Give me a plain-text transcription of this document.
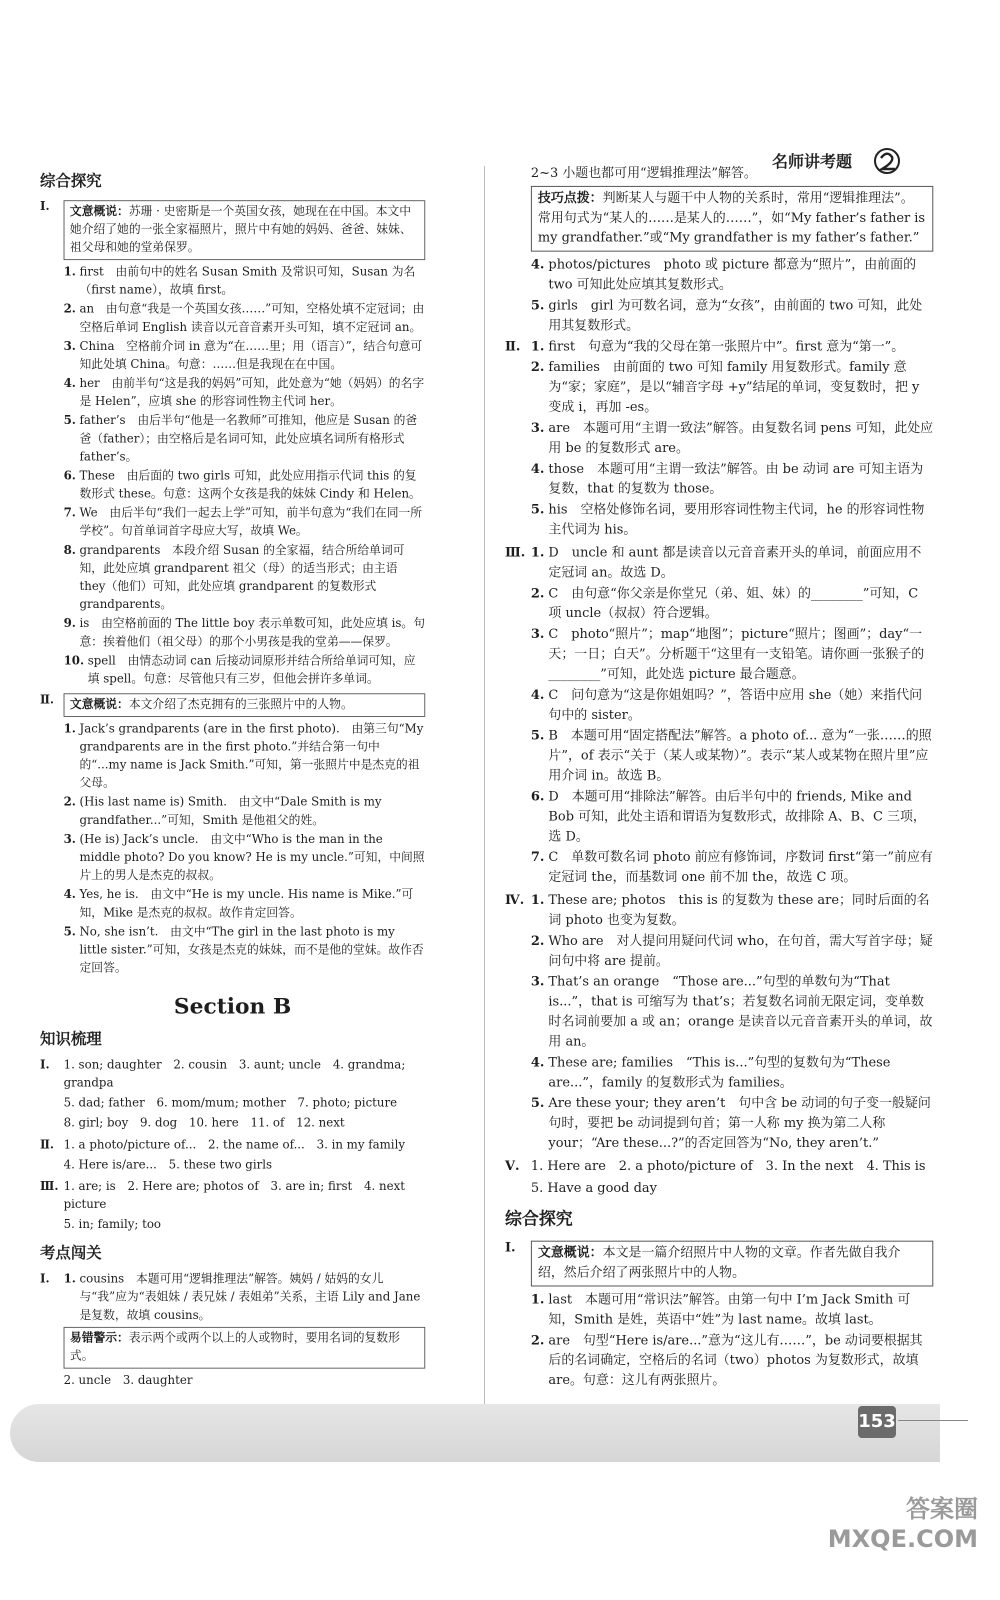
名师讲考题
综合探究
Ⅰ.	文意概说：苏珊 · 史密斯是一个英国女孩，她现在在中国。本文中她介绍了她的一张全家福照片，照片中有她的妈妈、爸爸、妹妹、祖父母和她的堂弟保罗。
1. first　由前句中的姓名 Susan Smith 及常识可知，Susan 为名（first name），故填 first。
2. an　由句意“我是一个英国女孩……”可知，空格处填不定冠词；由空格后单词 English 读音以元音音素开头可知，填不定冠词 an。
3. China　空格前介词 in 意为“在……里；用（语言）”，结合句意可知此处填 China。句意：……但是我现在在中国。
4. her　由前半句“这是我的妈妈”可知，此处意为“她（妈妈）的名字是 Helen”，应填 she 的形容词性物主代词 her。
5. father’s　由后半句“他是一名教师”可推知，他应是 Susan 的爸爸（father）；由空格后是名词可知，此处应填名词所有格形式 father’s。
6. These　由后面的 two girls 可知，此处应用指示代词 this 的复数形式 these。句意：这两个女孩是我的妹妹 Cindy 和 Helen。
7. We　由后半句“我们一起去上学”可知，前半句意为“我们在同一所学校”。句首单词首字母应大写，故填 We。
8. grandparents　本段介绍 Susan 的全家福，结合所给单词可知，此处应填 grandparent 祖父（母）的适当形式；由主语 they（他们）可知，此处应填 grandparent 的复数形式 grandparents。
9. is　由空格前面的 The little boy 表示单数可知，此处应填 is。句意：挨着他们（祖父母）的那个小男孩是我的堂弟——保罗。
10. spell　由情态动词 can 后接动词原形并结合所给单词可知，应填 spell。句意：尽管他只有三岁，但他会拼许多单词。
Ⅱ.	文意概说：本文介绍了杰克拥有的三张照片中的人物。
1. Jack’s grandparents (are in the first photo).　由第三句“My grandparents are in the first photo.”并结合第一句中的“...my name is Jack Smith.”可知，第一张照片中是杰克的祖父母。
2. (His last name is) Smith.　由文中“Dale Smith is my grandfather...”可知，Smith 是他祖父的姓。
3. (He is) Jack’s uncle.　由文中“Who is the man in the middle photo? Do you know? He is my uncle.”可知，中间照片上的男人是杰克的叔叔。
4. Yes, he is.　由文中“He is my uncle. His name is Mike.”可知，Mike 是杰克的叔叔。故作肯定回答。
5. No, she isn’t.　由文中“The girl in the last photo is my little sister.”可知，女孩是杰克的妹妹，而不是他的堂妹。故作否定回答。
Section B
知识梳理
Ⅰ.	1. son; daughter　2. cousin　3. aunt; uncle　4. grandma; grandpa
5. dad; father　6. mom/mum; mother　7. photo; picture
8. girl; boy　9. dog　10. here　11. of　12. next
Ⅱ. 1. a photo/picture of...　2. the name of...　3. in my family
4. Here is/are...　5. these two girls
Ⅲ. 1. are; is　2. Here are; photos of　3. are in; first　4. next picture
5. in; family; too
考点闯关
Ⅰ.	1. cousins　本题可用“逻辑推理法”解答。姨妈 / 姑妈的女儿与“我”应为“表姐妹 / 表兄妹 / 表姐弟”关系，主语 Lily and Jane 是复数，故填 cousins。
易错警示：表示两个或两个以上的人或物时，要用名词的复数形式。
2. uncle　3. daughter
2~3 小题也都可用“逻辑推理法”解答。
技巧点拨：判断某人与题干中人物的关系时，常用“逻辑推理法”。常用句式为“某人的……是某人的……”，如“My father’s father is my grandfather.”或“My grandfather is my father’s father.”
4. photos/pictures　photo 或 picture 都意为“照片”，由前面的 two 可知此处应填其复数形式。
5. girls　girl 为可数名词，意为“女孩”，由前面的 two 可知，此处用其复数形式。
Ⅱ. 1. first　句意为“我的父母在第一张照片中”。first 意为“第一”。
2. families　由前面的 two 可知 family 用复数形式。family 意为“家；家庭”，是以“辅音字母 +y”结尾的单词，变复数时，把 y 变成 i，再加 -es。
3. are　本题可用“主谓一致法”解答。由复数名词 pens 可知，此处应用 be 的复数形式 are。
4. those　本题可用“主谓一致法”解答。由 be 动词 are 可知主语为复数，that 的复数为 those。
5. his　空格处修饰名词，要用形容词性物主代词，he 的形容词性物主代词为 his。
Ⅲ. 1. D　uncle 和 aunt 都是读音以元音音素开头的单词，前面应用不定冠词 an。故选 D。
2. C　由句意“你父亲是你堂兄（弟、姐、妹）的________”可知，C 项 uncle（叔叔）符合逻辑。
3. C　photo“照片”；map“地图”；picture“照片；图画”；day“一天；一日；白天”。分析题干“这里有一支铅笔。请你画一张猴子的________”可知，此处选 picture 最合题意。
4. C　问句意为“这是你姐姐吗？”，答语中应用 she（她）来指代问句中的 sister。
5. B　本题可用“固定搭配法”解答。a photo of... 意为“一张……的照片”，of 表示“关于（某人或某物）”。表示“某人或某物在照片里”应用介词 in。故选 B。
6. D　本题可用“排除法”解答。由后半句中的 friends, Mike and Bob 可知，此处主语和谓语为复数形式，故排除 A、B、C 三项，选 D。
7. C　单数可数名词 photo 前应有修饰词，序数词 first“第一”前应有定冠词 the，而基数词 one 前不加 the，故选 C 项。
Ⅳ. 1. These are; photos　this is 的复数为 these are；同时后面的名词 photo 也变为复数。
2. Who are　对人提问用疑问代词 who，在句首，需大写首字母；疑问句中将 are 提前。
3. That’s an orange　“Those are...”句型的单数句为“That is...”，that is 可缩写为 that’s；若复数名词前无限定词，变单数时名词前要加 a 或 an；orange 是读音以元音音素开头的单词，故用 an。
4. These are; families　“This is...”句型的复数句为“These are...”，family 的复数形式为 families。
5. Are these your; they aren’t　句中含 be 动词的句子变一般疑问句时，要把 be 动词提到句首；第一人称 my 换为第二人称 your；“Are these...?”的否定回答为“No, they aren’t.”
Ⅴ. 1. Here are　2. a photo/picture of　3. In the next　4. This is
5. Have a good day
综合探究
Ⅰ.	文意概说：本文是一篇介绍照片中人物的文章。作者先做自我介绍，然后介绍了两张照片中的人物。
1. last　本题可用“常识法”解答。由第一句中 I’m Jack Smith 可知，Smith 是姓，英语中“姓”为 last name。故填 last。
2. are　句型“Here is/are...”意为“这儿有……”，be 动词要根据其后的名词确定，空格后的名词（two）photos 为复数形式，故填 are。句意：这儿有两张照片。
153
答案圈
MXQE.COM
